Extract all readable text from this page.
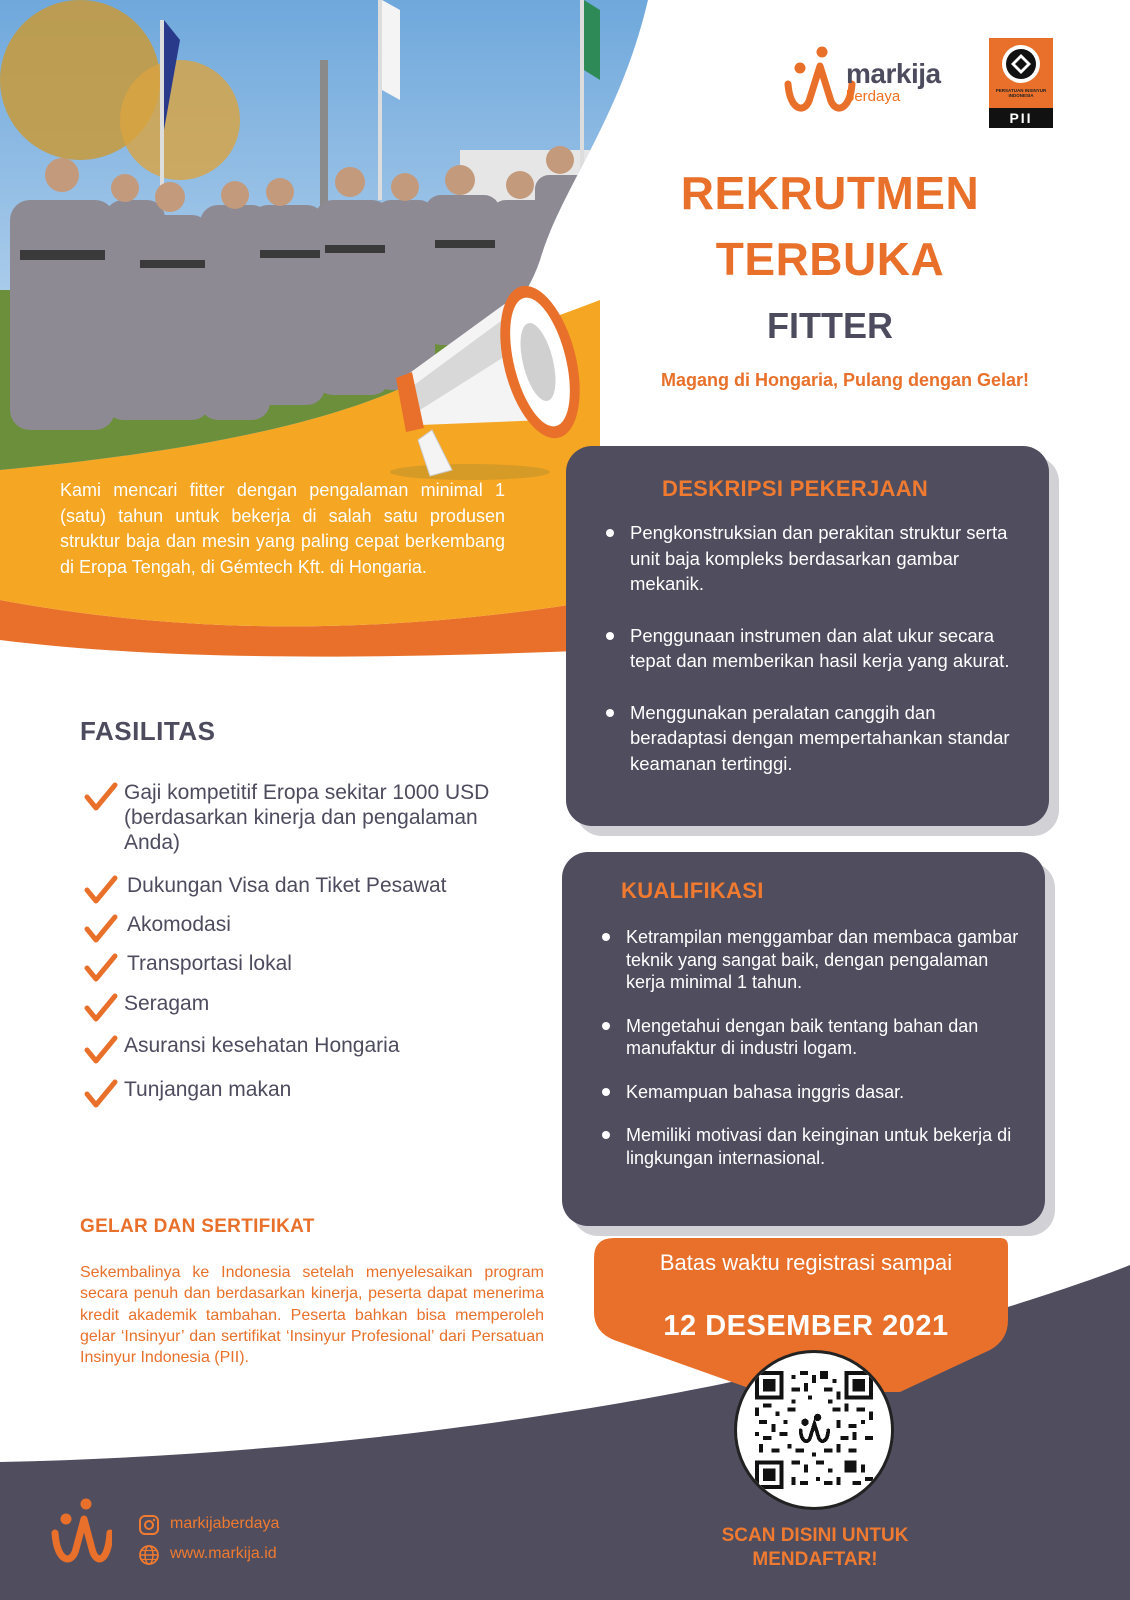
markija
berdaya	PERSATUAN INSINYUR INDONESIA
PII
REKRUTMEN
TERBUKA
FITTER
Magang di Hongaria, Pulang dengan Gelar!

Kami mencari fitter dengan pengalaman minimal 1 (satu) tahun untuk bekerja di salah satu produsen struktur baja dan mesin yang paling cepat berkembang di Eropa Tengah, di Gémtech Kft. di Hongaria.

DESKRIPSI PEKERJAAN
Pengkonstruksian dan perakitan struktur serta unit baja kompleks berdasarkan gambar mekanik.
Penggunaan instrumen dan alat ukur secara tepat dan memberikan hasil kerja yang akurat.
Menggunakan peralatan canggih dan beradaptasi dengan mempertahankan standar keamanan tertinggi.
FASILITAS
Gaji kompetitif Eropa sekitar 1000 USD (berdasarkan kinerja dan pengalaman Anda)
Dukungan Visa dan Tiket Pesawat
Akomodasi
Transportasi lokal
Seragam
Asuransi kesehatan Hongaria
Tunjangan makan
KUALIFIKASI
Ketrampilan menggambar dan membaca gambar teknik yang sangat baik, dengan pengalaman kerja minimal 1 tahun.
Mengetahui dengan baik tentang bahan dan manufaktur di industri logam.
Kemampuan bahasa inggris dasar.
Memiliki motivasi dan keinginan untuk bekerja di lingkungan internasional.
GELAR DAN SERTIFIKAT

Sekembalinya ke Indonesia setelah menyelesaikan program secara penuh dan berdasarkan kinerja, peserta dapat menerima kredit akademik tambahan. Peserta bahkan bisa memperoleh gelar ‘Insinyur’ dan sertifikat ‘Insinyur Profesional’ dari Persatuan Insinyur Indonesia (PII).

Batas waktu registrasi sampai
12 DESEMBER 2021
SCAN DISINI UNTUK
MENDAFTAR!
markijaberdaya
www.markija.id
